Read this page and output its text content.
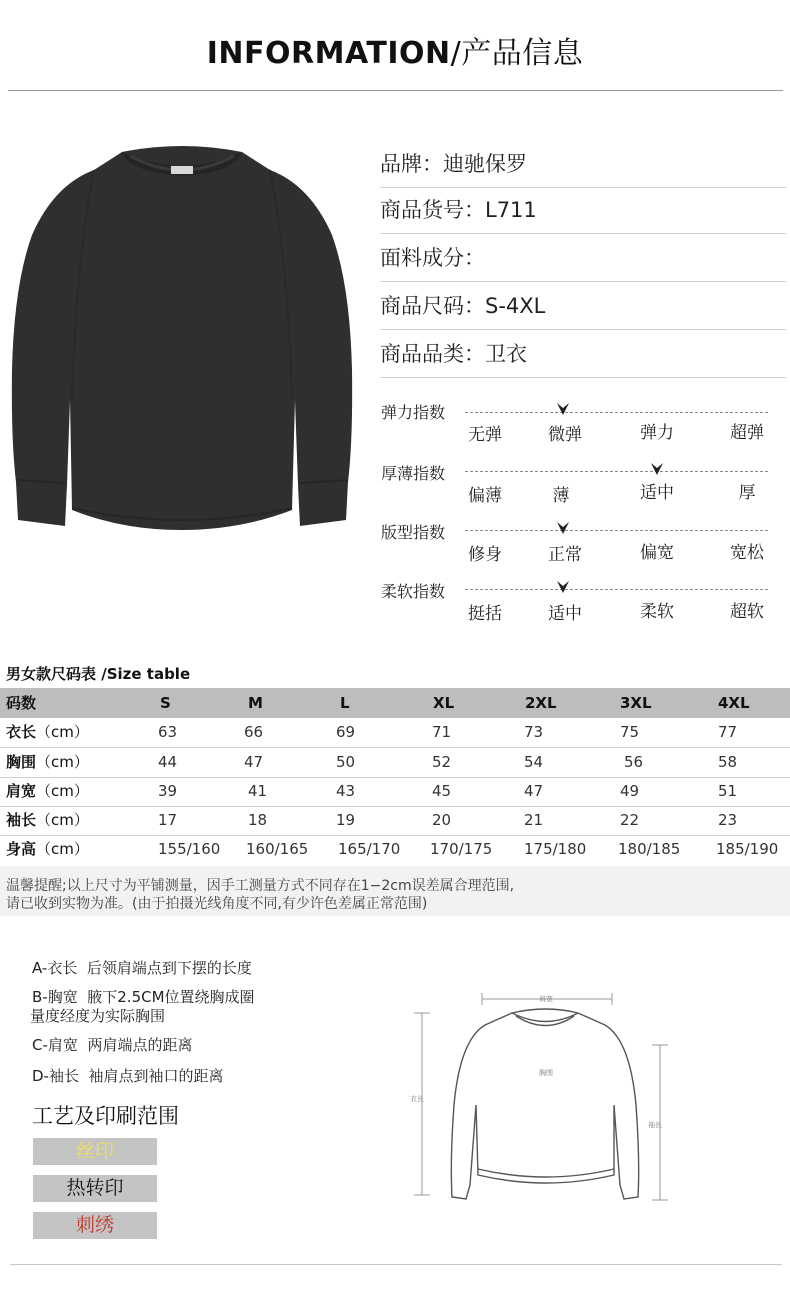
INFORMATION/产品信息
品牌：迪驰保罗
商品货号：L711
面料成分：
商品尺码：S-4XL
商品品类：卫衣
弹力指数
无弹	微弹	弹力	超弹
厚薄指数
偏薄	薄	适中	厚
版型指数
修身	正常	偏宽	宽松
柔软指数
挺括	适中	柔软	超软
男女款尺码表 /Size table
码数	S	M	L	XL	2XL	3XL	4XL
衣长（cm）	63	66	69	71	73	75	77
胸围（cm）	44	47	50	52	54	56	58
肩宽（cm）	39	41	43	45	47	49	51
袖长（cm）	17	18	19	20	21	22	23
身高（cm）	155/160 160/165 165/170 170/175 175/180 180/185 185/190
温馨提醒;以上尺寸为平铺测量，因手工测量方式不同存在1−2cm误差属合理范围,
请已收到实物为准。(由于拍摄光线角度不同,有少许色差属正常范围)
A-衣长 后领肩端点到下摆的长度
B-胸宽 腋下2.5CM位置绕胸成圈
量度经度为实际胸围
C-肩宽 两肩端点的距离
D-袖长 袖肩点到袖口的距离
工艺及印刷范围
丝印
热转印
刺绣
肩宽
胸围
衣长
袖长
